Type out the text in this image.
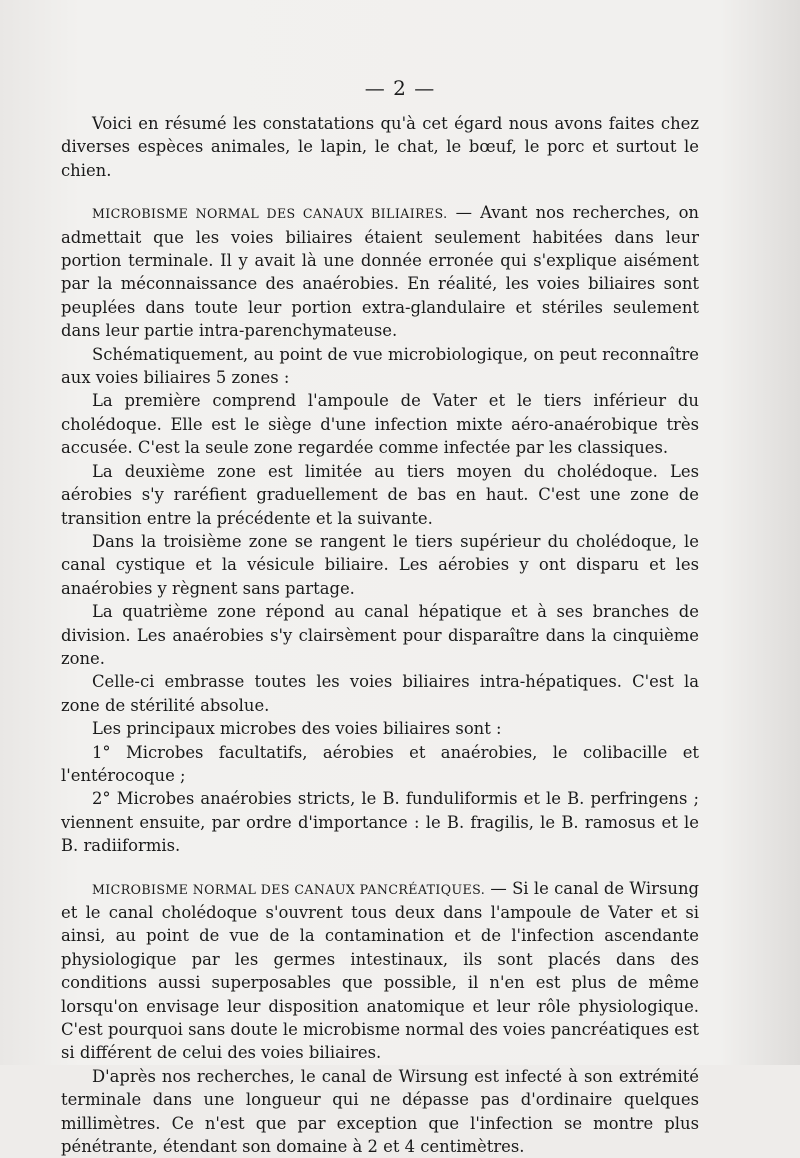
— 2 —

Voici en résumé les constatations qu'à cet égard nous avons faites chez diverses espèces animales, le lapin, le chat, le bœuf, le porc et surtout le chien.

MICROBISME NORMAL DES CANAUX BILIAIRES. — Avant nos recherches, on admettait que les voies biliaires étaient seulement habitées dans leur portion terminale. Il y avait là une donnée erronée qui s'explique aisément par la méconnaissance des anaérobies. En réalité, les voies biliaires sont peuplées dans toute leur portion extra-glandulaire et stériles seulement dans leur partie intra-parenchymateuse.

Schématiquement, au point de vue microbiologique, on peut reconnaître aux voies biliaires 5 zones :

La première comprend l'ampoule de Vater et le tiers inférieur du cholédoque. Elle est le siège d'une infection mixte aéro-anaérobique très accusée. C'est la seule zone regardée comme infectée par les classiques.

La deuxième zone est limitée au tiers moyen du cholédoque. Les aérobies s'y raréfient graduellement de bas en haut. C'est une zone de transition entre la précédente et la suivante.

Dans la troisième zone se rangent le tiers supérieur du cholédoque, le canal cystique et la vésicule biliaire. Les aérobies y ont disparu et les anaérobies y règnent sans partage.

La quatrième zone répond au canal hépatique et à ses branches de division. Les anaérobies s'y clairsèment pour disparaître dans la cinquième zone.

Celle-ci embrasse toutes les voies biliaires intra-hépatiques. C'est la zone de stérilité absolue.

Les principaux microbes des voies biliaires sont :

1° Microbes facultatifs, aérobies et anaérobies, le colibacille et l'entérocoque ;

2° Microbes anaérobies stricts, le B. funduliformis et le B. perfringens ; viennent ensuite, par ordre d'importance : le B. fragilis, le B. ramosus et le B. radiiformis.

MICROBISME NORMAL DES CANAUX PANCRÉATIQUES. — Si le canal de Wirsung et le canal cholédoque s'ouvrent tous deux dans l'ampoule de Vater et si ainsi, au point de vue de la contamination et de l'infection ascendante physiologique par les germes intestinaux, ils sont placés dans des conditions aussi superposables que possible, il n'en est plus de même lorsqu'on envisage leur disposition anatomique et leur rôle physiologique. C'est pourquoi sans doute le microbisme normal des voies pancréatiques est si différent de celui des voies biliaires.

D'après nos recherches, le canal de Wirsung est infecté à son extrémité terminale dans une longueur qui ne dépasse pas d'ordinaire quelques millimètres. Ce n'est que par exception que l'infection se montre plus pénétrante, étendant son domaine à 2 et 4 centimètres.
